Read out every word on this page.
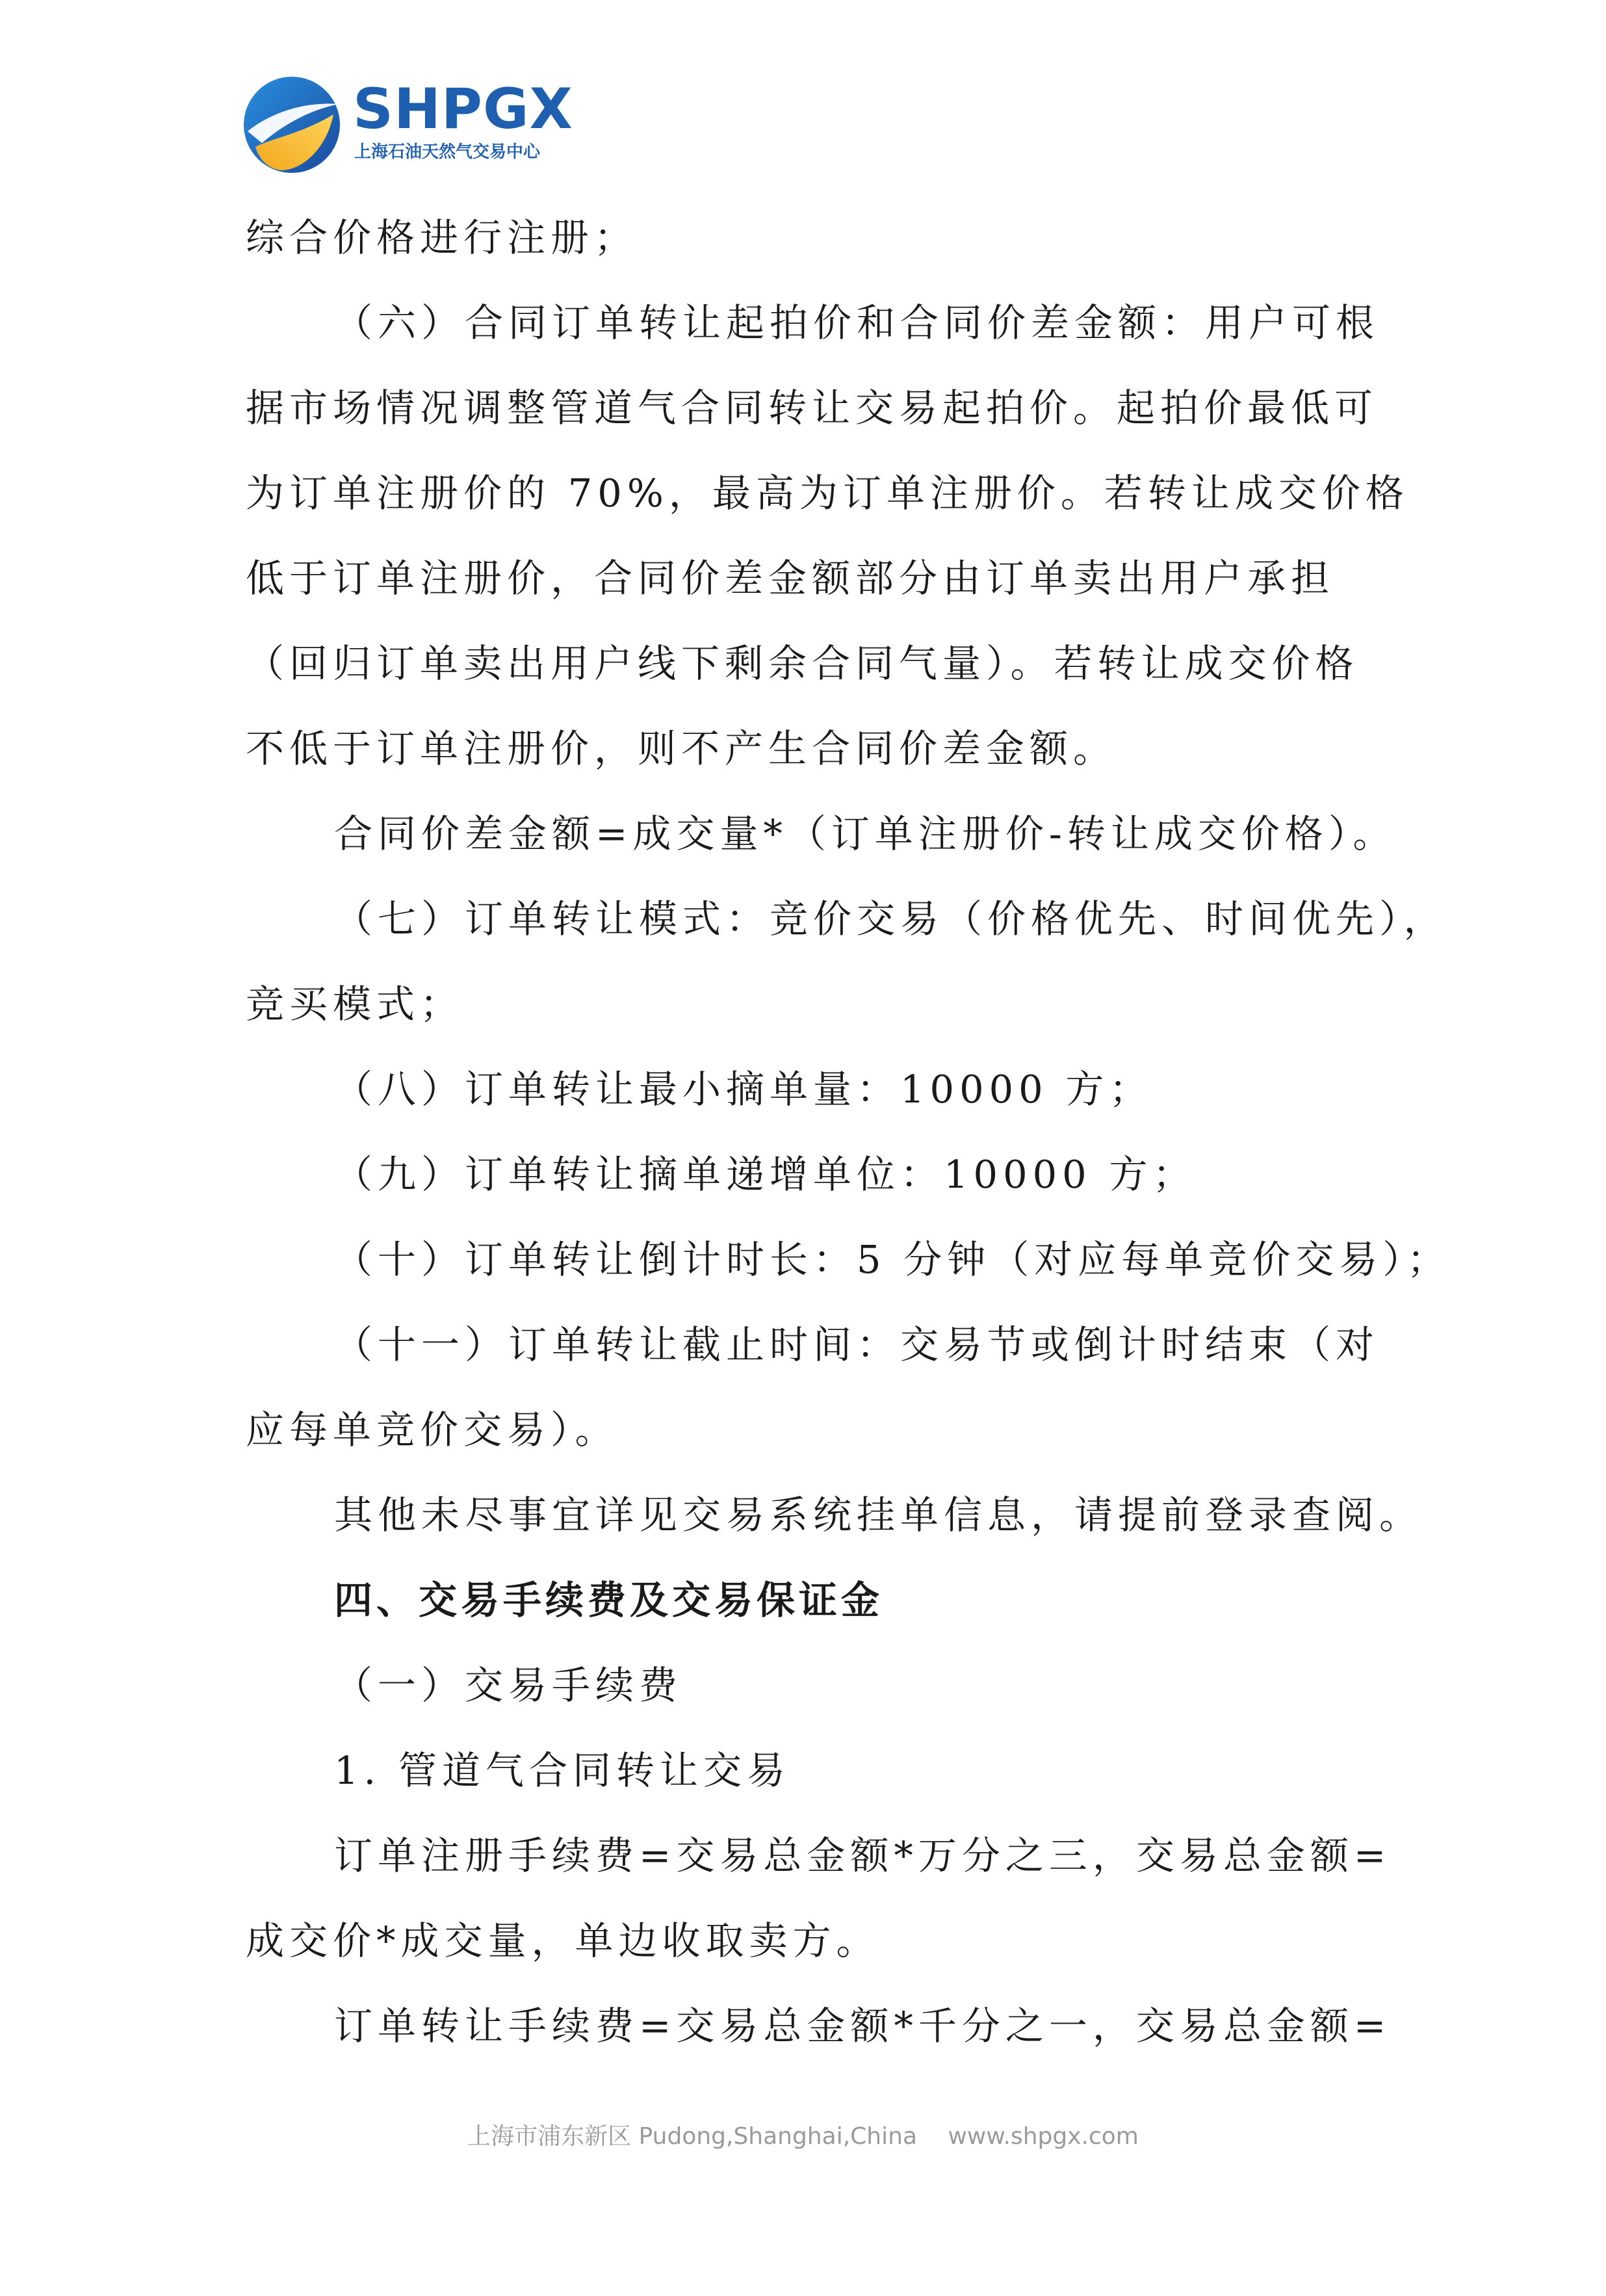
SHPGX
上海石油天然气交易中心
综合价格进行注册；
（六）合同订单转让起拍价和合同价差金额：用户可根
据市场情况调整管道气合同转让交易起拍价。起拍价最低可
为订单注册价的 70%，最高为订单注册价。若转让成交价格
低于订单注册价，合同价差金额部分由订单卖出用户承担
（回归订单卖出用户线下剩余合同气量）。若转让成交价格
不低于订单注册价，则不产生合同价差金额。
合同价差金额=成交量*（订单注册价-转让成交价格）。
（七）订单转让模式：竞价交易（价格优先、时间优先），
竞买模式；
（八）订单转让最小摘单量：10000 方；
（九）订单转让摘单递增单位：10000 方；
（十）订单转让倒计时长：5 分钟（对应每单竞价交易）；
（十一）订单转让截止时间：交易节或倒计时结束（对
应每单竞价交易）。
其他未尽事宜详见交易系统挂单信息，请提前登录查阅。
四、交易手续费及交易保证金
（一）交易手续费
1. 管道气合同转让交易
订单注册手续费=交易总金额*万分之三，交易总金额=
成交价*成交量，单边收取卖方。
订单转让手续费=交易总金额*千分之一，交易总金额=
上海市浦东新区 Pudong,Shanghai,China www.shpgx.com
